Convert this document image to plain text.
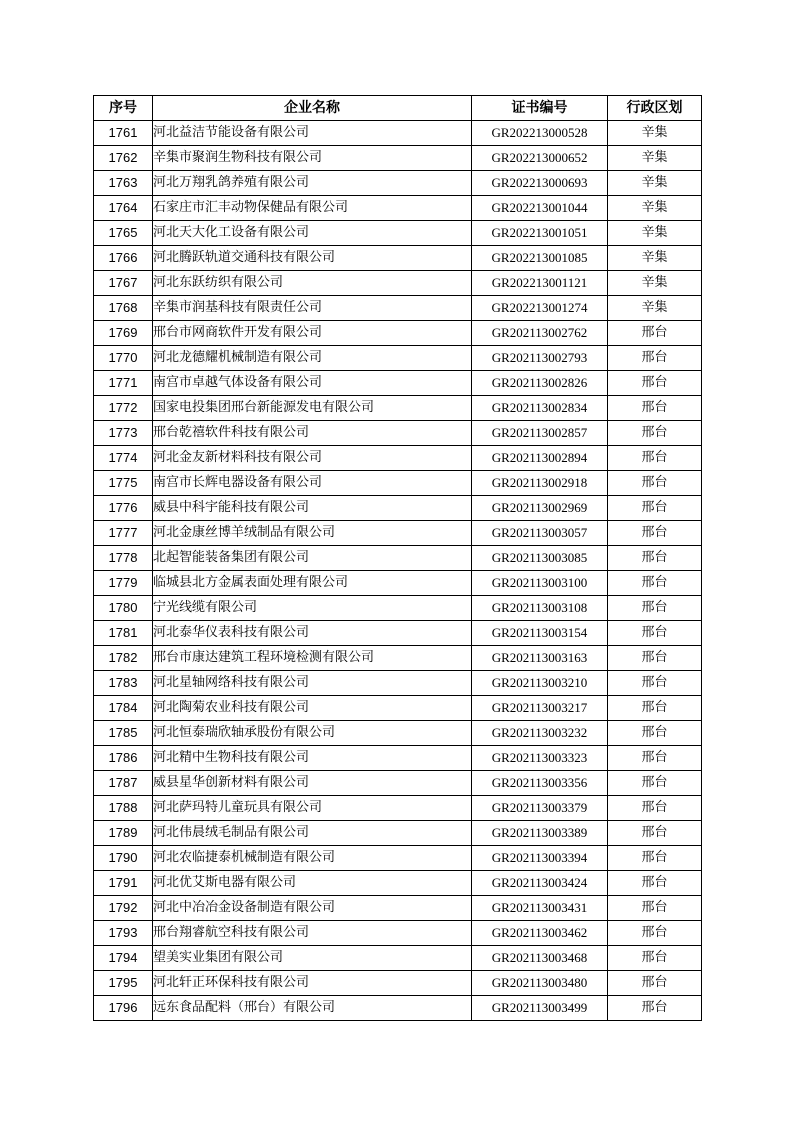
序号	企业名称	证书编号	行政区划
1761	河北益洁节能设备有限公司	GR202213000528	辛集
1762	辛集市聚润生物科技有限公司	GR202213000652	辛集
1763	河北万翔乳鸽养殖有限公司	GR202213000693	辛集
1764	石家庄市汇丰动物保健品有限公司	GR202213001044	辛集
1765	河北天大化工设备有限公司	GR202213001051	辛集
1766	河北腾跃轨道交通科技有限公司	GR202213001085	辛集
1767	河北东跃纺织有限公司	GR202213001121	辛集
1768	辛集市润基科技有限责任公司	GR202213001274	辛集
1769	邢台市网商软件开发有限公司	GR202113002762	邢台
1770	河北龙德耀机械制造有限公司	GR202113002793	邢台
1771	南宫市卓越气体设备有限公司	GR202113002826	邢台
1772	国家电投集团邢台新能源发电有限公司	GR202113002834	邢台
1773	邢台乾禧软件科技有限公司	GR202113002857	邢台
1774	河北金友新材料科技有限公司	GR202113002894	邢台
1775	南宫市长辉电器设备有限公司	GR202113002918	邢台
1776	威县中科宇能科技有限公司	GR202113002969	邢台
1777	河北金康丝博羊绒制品有限公司	GR202113003057	邢台
1778	北起智能装备集团有限公司	GR202113003085	邢台
1779	临城县北方金属表面处理有限公司	GR202113003100	邢台
1780	宁光线缆有限公司	GR202113003108	邢台
1781	河北泰华仪表科技有限公司	GR202113003154	邢台
1782	邢台市康达建筑工程环境检测有限公司	GR202113003163	邢台
1783	河北星轴网络科技有限公司	GR202113003210	邢台
1784	河北陶菊农业科技有限公司	GR202113003217	邢台
1785	河北恒泰瑞欣轴承股份有限公司	GR202113003232	邢台
1786	河北精中生物科技有限公司	GR202113003323	邢台
1787	威县星华创新材料有限公司	GR202113003356	邢台
1788	河北萨玛特儿童玩具有限公司	GR202113003379	邢台
1789	河北伟晨绒毛制品有限公司	GR202113003389	邢台
1790	河北农临捷泰机械制造有限公司	GR202113003394	邢台
1791	河北优艾斯电器有限公司	GR202113003424	邢台
1792	河北中冶冶金设备制造有限公司	GR202113003431	邢台
1793	邢台翔睿航空科技有限公司	GR202113003462	邢台
1794	望美实业集团有限公司	GR202113003468	邢台
1795	河北轩正环保科技有限公司	GR202113003480	邢台
1796	远东食品配料（邢台）有限公司	GR202113003499	邢台
